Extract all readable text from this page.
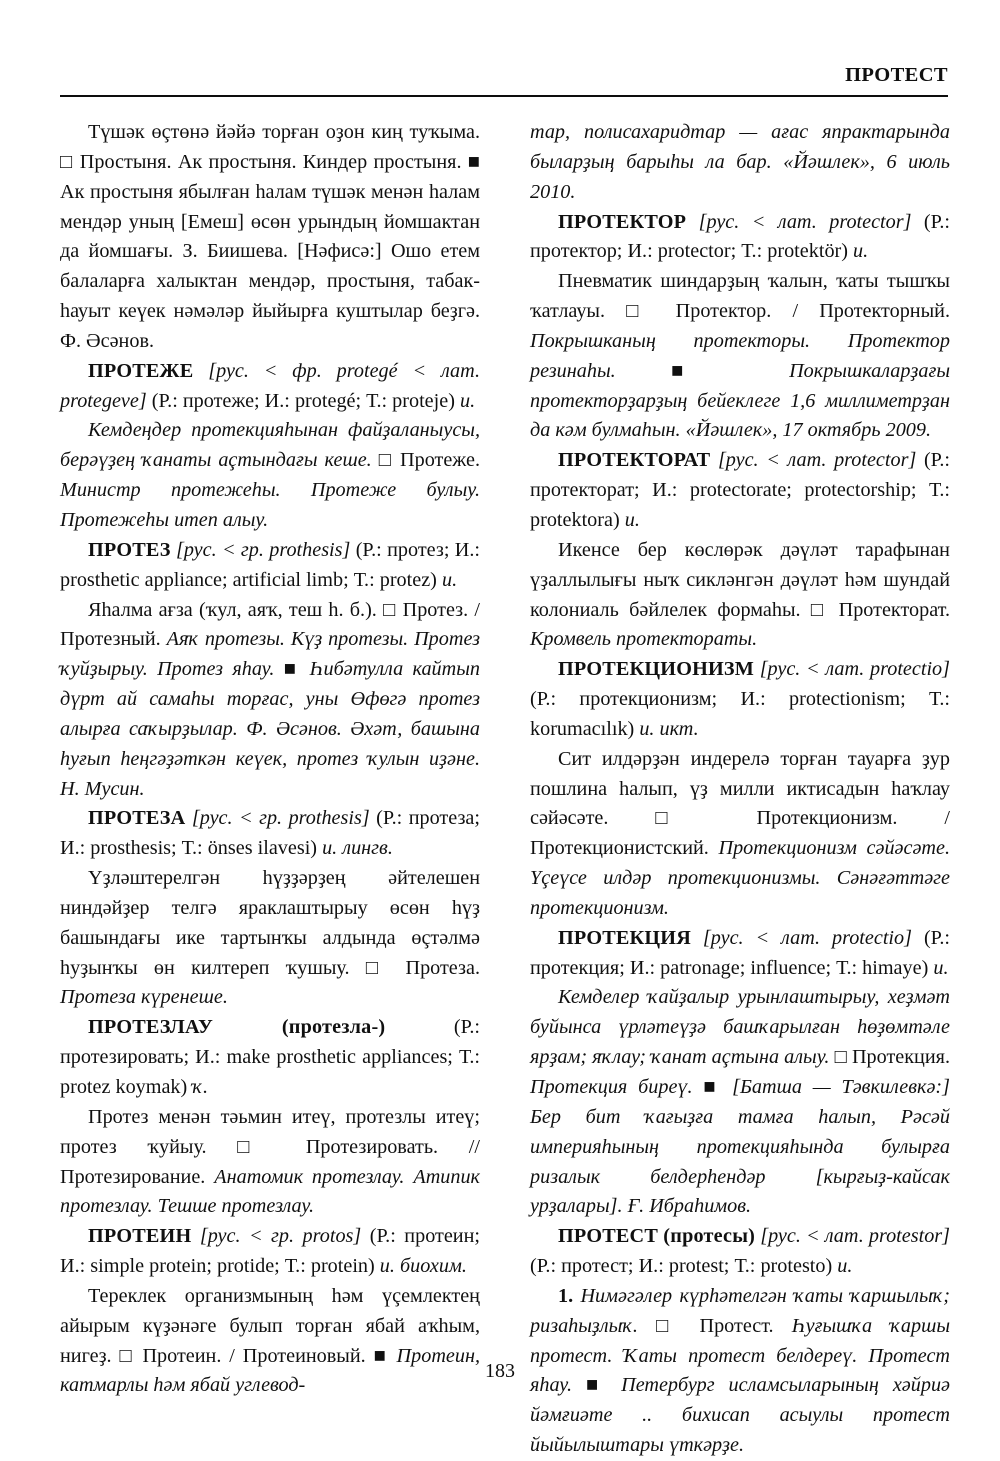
ПРОТЕСТ

Түшәк өçтөнә йәйә торған оҙон киң туҡыма. □ Простыня. Ак простыня. Киндер простыня. ■ Ак простыня ябылған һалам түшәк менән һалам мендәр уның [Емеш] өсөн урындың йомшактан да йомшағы. З. Биишева. [Нәфисә:] Ошо етем балаларға халыктан мендәр, простыня, табак-һауыт кеүек нәмәләр йыйырға куштылар беҙгә. Ф. Әсәнов.

ПРОТЕЖЕ [рус. < фр. protegé < лат. protegeve] (Р.: протеже; И.: protegé; Т.: proteje) и.

Кемдеңдер протекцияһынан файҙаланыуcы, берәүҙең ҡанаты аçтындағы кеше. □ Протеже. Министр протежеһы. Протеже булыу. Протежеһы итеп алыу.

ПРОТЕЗ [рус. < гр. prothesis] (Р.: протез; И.: prosthetic appliance; artificial limb; Т.: protez) и.

Яһалма ағза (ҡул, аяҡ, теш h. б.). □ Протез. / Протезный. Аяҡ протезы. Күҙ протезы. Протез ҡуйҙырыу. Протез яһау. ■ Һибәтулла кайтып дүрт ай самаһы торғас, уны Өфөгә протез алырға саҡырҙылар. Ф. Әсәнов. Әхәт, башына һуғып һеңгәҙәткән кеүек, протез ҡулын иҙәне. Н. Мусин.

ПРОТЕЗА [рус. < гр. prothesis] (Р.: протеза; И.: prosthesis; Т.: önses ilavesi) и. лингв.

Үҙләштерелгән һүҙҙәрҙең әйтелешен ниндәйҙер телгә яраклаштырыу өсөн һүҙ башындағы ике тартынҡы алдында өçтәлмә һуҙынҡы өн килтереп ҡушыу. □ Протеза. Протеза күренеше.

ПРОТЕЗЛАУ (протезла-)	(Р.: протезировать; И.: make prosthetic appliances; Т.: protez koymak) ҡ.

Протез менән тәьмин итеү, протезлы итеү; протез ҡуйыу. □ Протезировать. // Протезирование. Анатомик протезлау. Атипик протезлау. Тешше протезлау.

ПРОТЕИН [рус. < гр. protos] (Р.: протеин; И.: simple protein; protide; Т.: protein) и. биохим.

Тереклек организмының һәм үçемлектең айырым күҙәнәге булып торған ябай аҡһым, нигеҙ. □ Протеин. / Протеиновый. ■ Протеин, катмарлы һәм ябай углевод-

тар, полисахаридтар — ағас япрактарында быларҙың барыһы ла бар. «Йәшлек», 6 июль 2010.

ПРОТЕКТОР [рус. < лат. protector] (Р.: протектор; И.: protector; Т.: protektör) и.

Пневматик шиндарҙың ҡалын, ҡаты тышҡы ҡатлауы. □ Протектор. / Протекторный. Покрышканың протекторы. Протектор резинаһы.	■ Покрышкаларҙағы протекторҙарҙың бейеклеге 1,6 миллиметрҙан да кәм булмаһын. «Йәшлек», 17 октябрь 2009.

ПРОТЕКТОРАТ [рус. < лат. protector] (Р.: протекторат; И.: protectorate; protectorship; Т.: protektora) и.

Икенсе бер көслөрәк дәүләт тарафынан үҙаллылығы ныҡ сикләнгән дәүләт һәм шундай колониаль бәйлелек формаһы. □ Протекторат. Кромвель протектораты.

ПРОТЕКЦИОНИЗМ [рус. < лат. protectio] (Р.: протекционизм; И.: protectionism; Т.: korumacılık) и. икт.

Сит илдәрҙән индерелә торған тауарға ҙур пошлина һалып, үҙ милли иктисадын һаҡлау сәйәсәте. □ Протекционизм. / Протекционистский. Протекционизм сәйәсәте. Үçеүсе илдәр протекционизмы. Сәнәғәттәге протекционизм.

ПРОТЕКЦИЯ [рус. < лат. protectio] (Р.: протекция; И.: patronage; influence; Т.: himaye) и.

Кемделер ҡайҙалыр урынлаштырыу, хеҙмәт буйынса үрләтеүҙә башҡарылған һөҙөмтәле ярҙам; яҡлау; ҡанат аçтына алыу. □ Протекция. Протекция биреү. ■ [Батша — Тәвкилевкә:] Бер бит ҡағыҙға тамға һалып, Рәсәй империяһының протекцияһында булырға ризалык белдерһендәр [кырғыҙ-кайсак урҙалары]. Ғ. Ибраһимов.

ПРОТЕСТ (протесы) [рус. < лат. protestor] (Р.: протест; И.: protest; Т.: protesto) и.

1. Нимәгәлер күрһәтелгән ҡаты ҡаршылыҡ; ризаһыҙлыҡ. □ Протест. Һуғышҡа ҡаршы протест. Ҡаты протест белдереү. Протест яһау. ■ Петербург исламсыларының хәйриә йәмғиәте .. бихисап асыулы протест йыйылыштары үткәрҙе.

183
